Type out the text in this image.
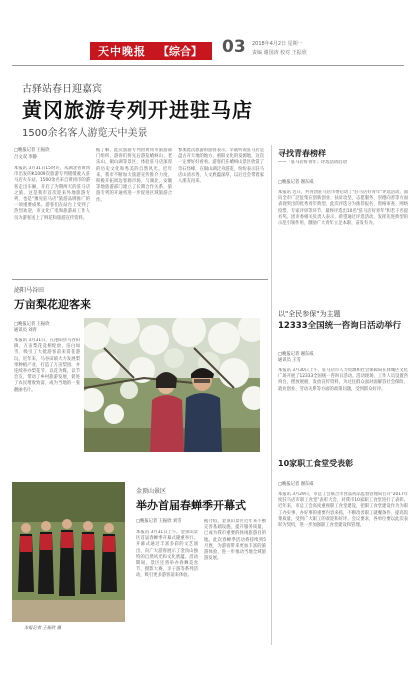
天中晚报 【综合】 03 2018年4月2日 星期一
责编 谢国涛 校对 王振欣
古驿站春日迎嘉宾
黄冈旅游专列开进驻马店
1500余名客人游览天中美景
□晚报记者 王振欣
吕文双 李静
本报讯 3月31日15时许，从湖北省黄冈市出发的K1009次旅游专列缓缓驶入驻马店火车站，1500余名来自黄冈市的游客走出车厢，开启了为期两天的驻马店之旅。这是我市首次迎来外地旅游专列，也是"豫见驻马店"旅游品牌推广的一项重要成果。游客们在站台上受到了热烈欢迎，市文化广电和旅游局工作人员为游客送上了鲜花和旅游宣传资料。
据了解，此次旅游专列由黄冈市旅游部门组织，游客们将先后游览嵖岈山、老乐山、铜山湖等景区，体验驻马店深厚的历史文化和秀美的自然风光。近年来，我市不断加大旅游宣传推介力度，积极开拓周边客源市场，与湖北、安徽等地旅游部门建立了长期合作关系，旅游专列的开通将进一步促进区域旅游合作。
参加此次旅游的游客表示，早就听说驻马店是盘古开天地的地方、重阳文化的发源地，这次一定要好好看看。游客们在嵖岈山景区欣赏了奇石怪峰，在铜山湖泛舟游览，纷纷表示驻马店山清水秀、人文底蕴深厚，以后还会带着家人朋友再来。
寻找青春榜样
——「驻马店好青年」评选活动启动
□晚报记者 谢东威
本报讯 近日，共青团驻马店市委启动了"驻马店好青年"评选活动，面向全市广泛征集在创新创业、扶贫攻坚、志愿服务、崇德向善等方面表现突出的优秀青年典型。此次评选分为推荐报名、资格审查、网络投票、专家评审等环节，最终评选出10名"驻马店好青年"和若干名提名奖。团市委相关负责人表示，希望通过评选活动，发挥先进典型的示范引领作用，激励广大青年立足本职、奋发有为。
以"全民参保"为主题
12333全国统一咨询日活动举行
□晚报记者 谢东威
通讯员 王雪
本报讯 3月30日上午，驻马店市人力资源和社会保障局在驿城区文化广场开展了12333全国统一咨询日活动。活动现场，工作人员设置咨询台，摆放展板，发放宣传资料，为过往群众面对面解答社会保险、就业创业、劳动关系等方面的政策问题，受到群众好评。
10家职工食堂受表彰
□晚报记者 谢东威
本报讯 3月29日，市总工会联合市食品药品监督管理局召开"2017年度驻马店市职工食堂"表彰大会，对我市10家职工食堂进行了表彰。近年来，市总工会高度重视职工食堂建设，把职工食堂建设作为为职工办实事、办好事的重要内容来抓，不断改善职工就餐条件，提高饭菜质量，受到广大职工的欢迎和好评。会议要求，各单位要以此次表彰为契机，进一步加强职工食堂建设和管理。
泌阳马谷田
万亩梨花迎客来
□晚报记者 王振欣
通讯员 刘青
本报讯 3月31日，在泌阳县马谷田镇，万亩梨花竞相绽放，洁白如雪，吸引了大批游客前来赏花游玩。近年来，马谷田镇大力发展梨果种植产业，打造了万亩梨园，并连续举办梨花节，以花为媒，以节会友，带动了乡村旅游发展，促进了农民增收致富，成为当地的一张靓丽名片。
金顶山景区
举办首届春蝉季开幕式
□晚报记者 王振欣 刘雪
本报讯 3月31日上午，金顶山景区首届春蝉季开幕式隆重举行。开幕式通过丰富多彩的文艺演出，向广大游客展示了金顶山独特的自然风光和文化底蕴。活动期间，景区还将举办春蝉美食节、摄影大赛、亲子游等系列活动，吸引更多游客前来体验。
据介绍，金顶山景区近年来不断完善基础设施，提升服务质量，已成为我市重要的休闲旅游目的地。此次春蝉季活动将持续到5月底，为游客带来更加丰富的旅游体验，进一步推动当地全域旅游发展。
本报记者 王振欣 摄
